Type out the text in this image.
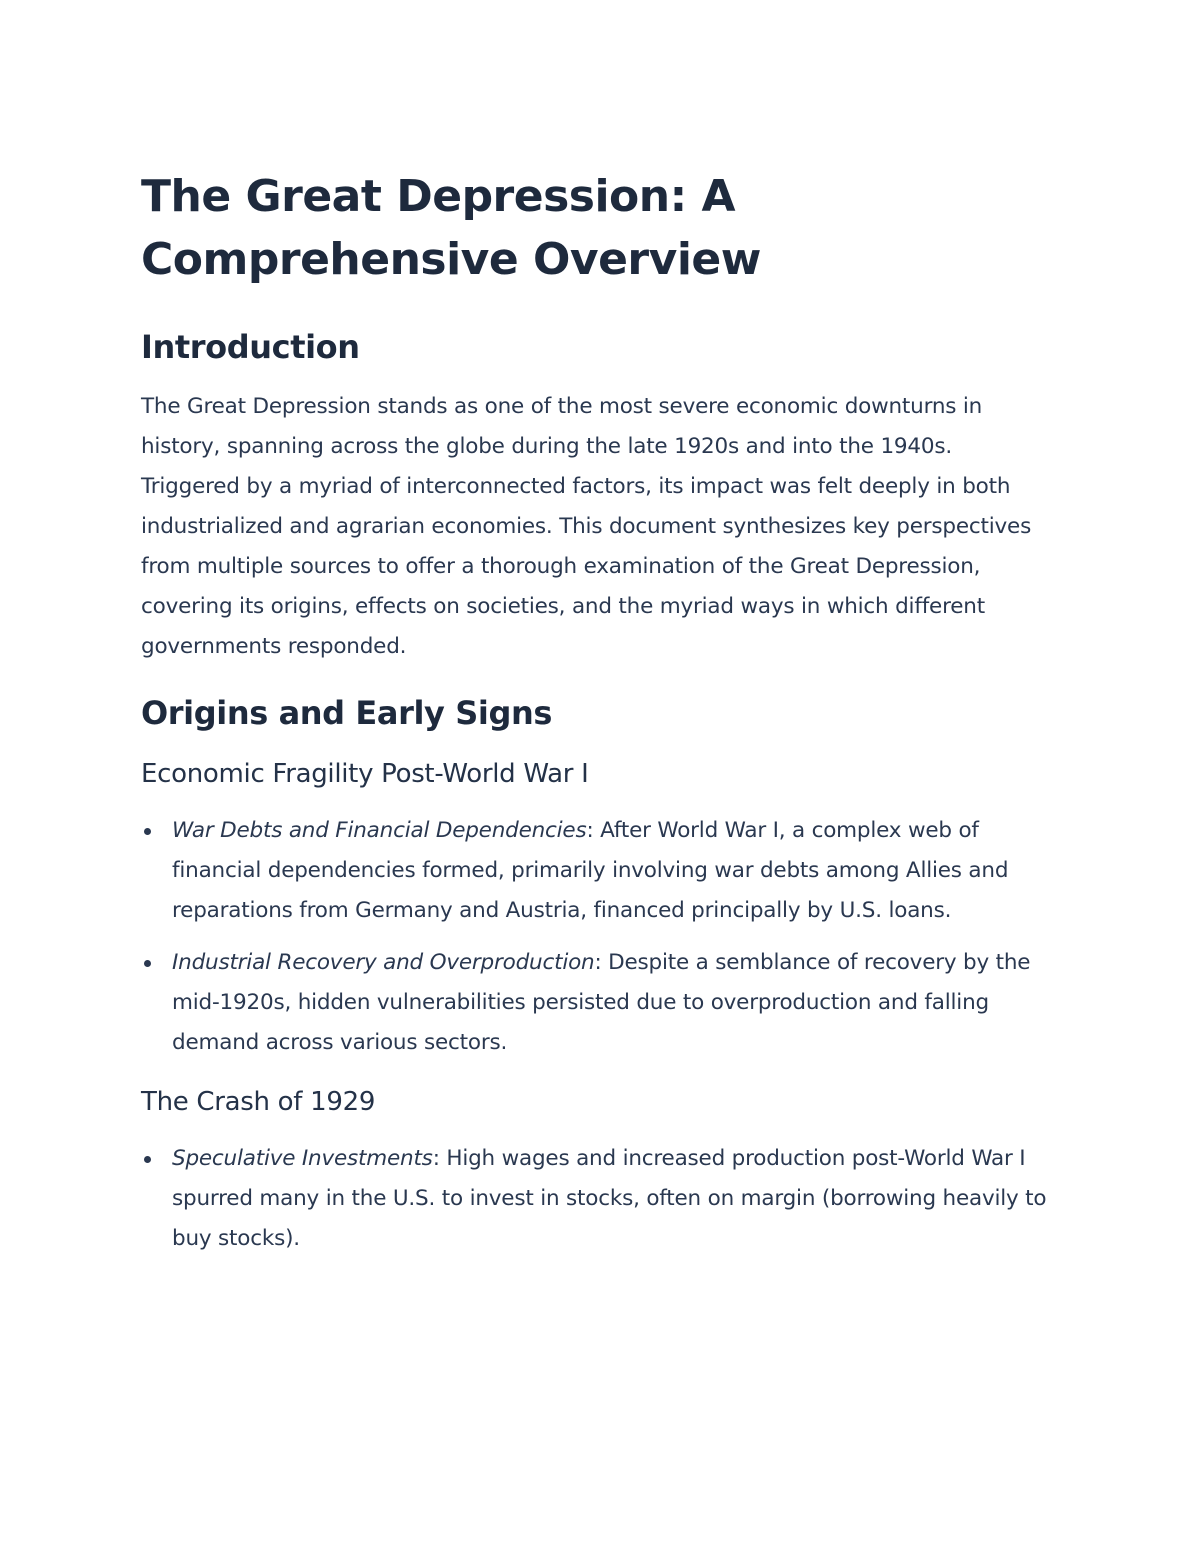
The Great Depression: A Comprehensive Overview
Introduction

The Great Depression stands as one of the most severe economic downturns in history, spanning across the globe during the late 1920s and into the 1940s. Triggered by a myriad of interconnected factors, its impact was felt deeply in both industrialized and agrarian economies. This document synthesizes key perspectives from multiple sources to offer a thorough examination of the Great Depression, covering its origins, effects on societies, and the myriad ways in which different governments responded.

Origins and Early Signs
Economic Fragility Post-World War I
War Debts and Financial Dependencies: After World War I, a complex web of financial dependencies formed, primarily involving war debts among Allies and reparations from Germany and Austria, financed principally by U.S. loans.
Industrial Recovery and Overproduction: Despite a semblance of recovery by the mid-1920s, hidden vulnerabilities persisted due to overproduction and falling demand across various sectors.
The Crash of 1929
Speculative Investments: High wages and increased production post-World War I spurred many in the U.S. to invest in stocks, often on margin (borrowing heavily to buy stocks).
